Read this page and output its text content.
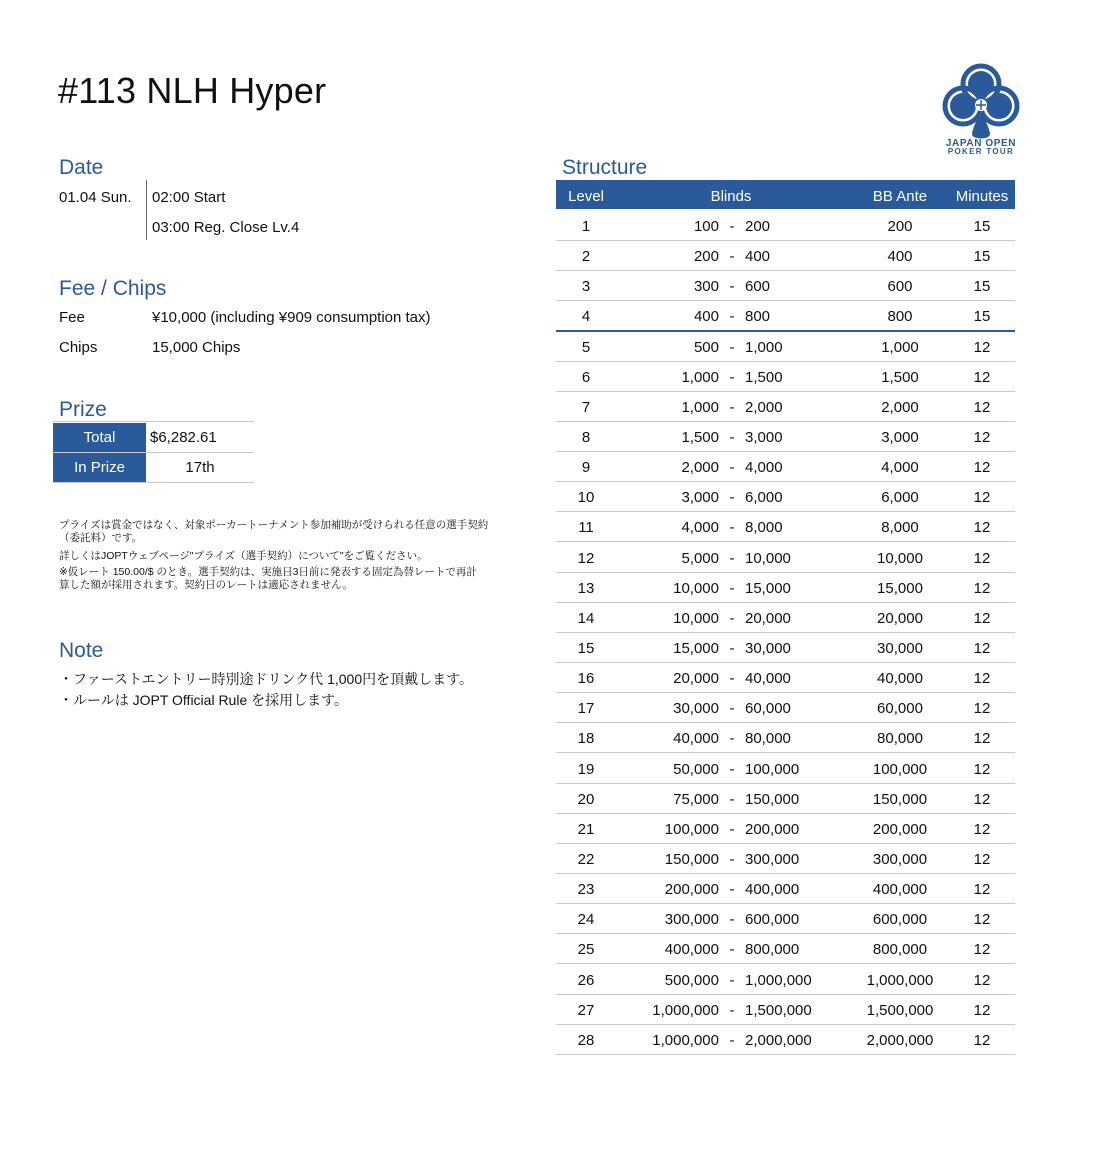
#113 NLH Hyper
JAPAN OPEN
POKER TOUR
Date
01.04 Sun. 02:00 Start
03:00 Reg. Close Lv.4
Fee / Chips
Fee	¥10,000 (including ¥909 consumption tax)
Chips	15,000 Chips
Prize
Total	$6,282.61
In Prize	17th
プライズは賞金ではなく、対象ポーカートーナメント参加補助が受けられる任意の選手契約
（委託料）です。
詳しくはJOPTウェブページ"プライズ（選手契約）について"をご覧ください。
※仮レート 150.00/$ のとき。選手契約は、実施日3日前に発表する固定為替レートで再計
算した額が採用されます。契約日のレートは適応されません。
Note
・ファーストエントリー時別途ドリンク代 1,000円を頂戴します。
・ルールは JOPT Official Rule を採用します。
Structure
Level	Blinds	BB Ante	Minutes
1	100 - 200	200	15
2	200 - 400	400	15
3	300 - 600	600	15
4	400 - 800	800	15
5	500 - 1,000	1,000	12
6	1,000 - 1,500	1,500	12
7	1,000 - 2,000	2,000	12
8	1,500 - 3,000	3,000	12
9	2,000 - 4,000	4,000	12
10	3,000 - 6,000	6,000	12
11	4,000 - 8,000	8,000	12
12	5,000 - 10,000	10,000	12
13	10,000 - 15,000	15,000	12
14	10,000 - 20,000	20,000	12
15	15,000 - 30,000	30,000	12
16	20,000 - 40,000	40,000	12
17	30,000 - 60,000	60,000	12
18	40,000 - 80,000	80,000	12
19	50,000 - 100,000	100,000	12
20	75,000 - 150,000	150,000	12
21	100,000 - 200,000	200,000	12
22	150,000 - 300,000	300,000	12
23	200,000 - 400,000	400,000	12
24	300,000 - 600,000	600,000	12
25	400,000 - 800,000	800,000	12
26	500,000 - 1,000,000	1,000,000	12
27	1,000,000 - 1,500,000	1,500,000	12
28	1,000,000 - 2,000,000	2,000,000	12
